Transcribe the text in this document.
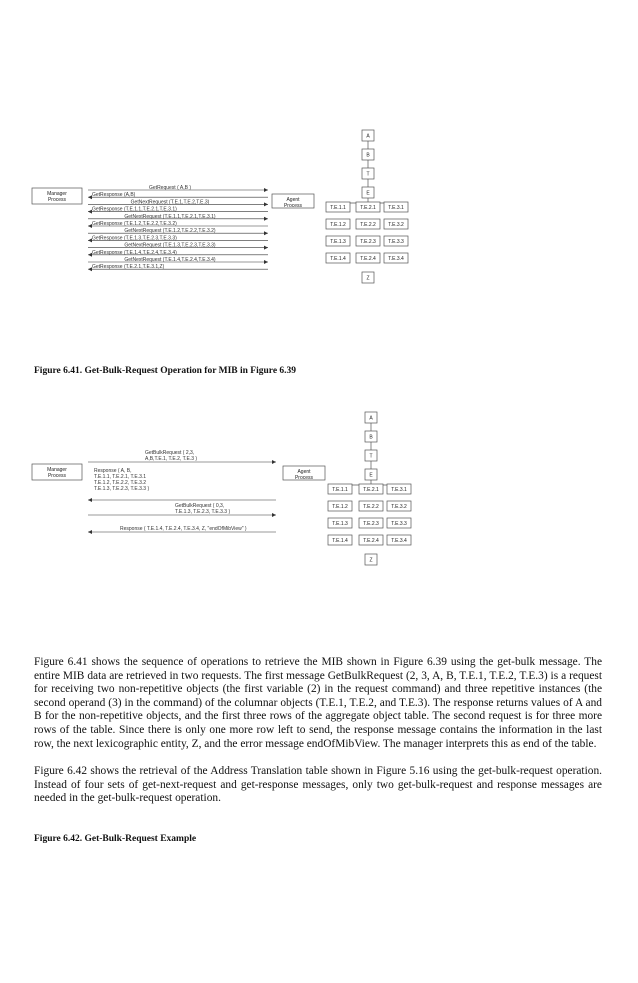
Manager
Process	Agent
Process
GetRequest ( A,B )
GetResponse (A,B)
GetNextRequest (T.E.1,T.E.2,T.E.3)
GetResponse (T.E.1.1,T.E.2.1,T.E.3.1)
GetNextRequest (T.E.1.1,T.E.2.1,T.E.3.1)
GetResponse (T.E.1.2,T.E.2.2,T.E.3.2)
GetNextRequest (T.E.1.2,T.E.2.2,T.E.3.2)
GetResponse (T.E.1.3,T.E.2.3,T.E.3.3)
GetNextRequest (T.E.1.3,T.E.2.3,T.E.3.3)
GetResponse (T.E.1.4,T.E.2.4,T.E.3.4)
GetNextRequest (T.E.1.4,T.E.2.4,T.E.3.4)
GetResponse (T.E.2.1,T.E.3.1,Z)
A
B
T
E
T.E.1.1	T.E.2.1 T.E.3.1
T.E.1.2	T.E.2.2 T.E.3.2
T.E.1.3	T.E.2.3 T.E.3.3
T.E.1.4	T.E.2.4 T.E.3.4
Z
Figure 6.41. Get-Bulk-Request Operation for MIB in Figure 6.39
Manager
Process
Agent
Process
GetBulkRequest ( 2,3,
A,B,T.E.1, T.E.2, T.E.3 )
Response ( A, B,
T.E.1.1, T.E.2.1, T.E.3.1
T.E.1.2, T.E.2.2, T.E.3.2
T.E.1.3, T.E.2.3, T.E.3.3 )
GetBulkRequest ( 0,3,
T.E.1.3, T.E.2.3, T.E.3.3 )
Response ( T.E.1.4, T.E.2.4, T.E.3.4, Z, "endOfMibView" )
A
B
T
E
T.E.1.1	T.E.2.1 T.E.3.1
T.E.1.2	T.E.2.2 T.E.3.2
T.E.1.3	T.E.2.3 T.E.3.3
T.E.1.4	T.E.2.4 T.E.3.4
Z

Figure 6.41 shows the sequence of operations to retrieve the MIB shown in Figure 6.39 using the get-bulk message. The entire MIB data are retrieved in two requests. The first message GetBulkRequest (2, 3, A, B, T.E.1, T.E.2, T.E.3) is a request for receiving two non-repetitive objects (the first variable (2) in the request command) and three repetitive instances (the second operand (3) in the command) of the columnar objects (T.E.1, T.E.2, and T.E.3). The response returns values of A and B for the non-repetitive objects, and the first three rows of the aggregate object table. The second request is for three more rows of the table. Since there is only one more row left to send, the response message contains the information in the last row, the next lexicographic entity, Z, and the error message endOfMibView. The manager interprets this as end of the table.

Figure 6.42 shows the retrieval of the Address Translation table shown in Figure 5.16 using the get-bulk-request operation. Instead of four sets of get-next-request and get-response messages, only two get-bulk-request and response messages are needed in the get-bulk-request operation.

Figure 6.42. Get-Bulk-Request Example
